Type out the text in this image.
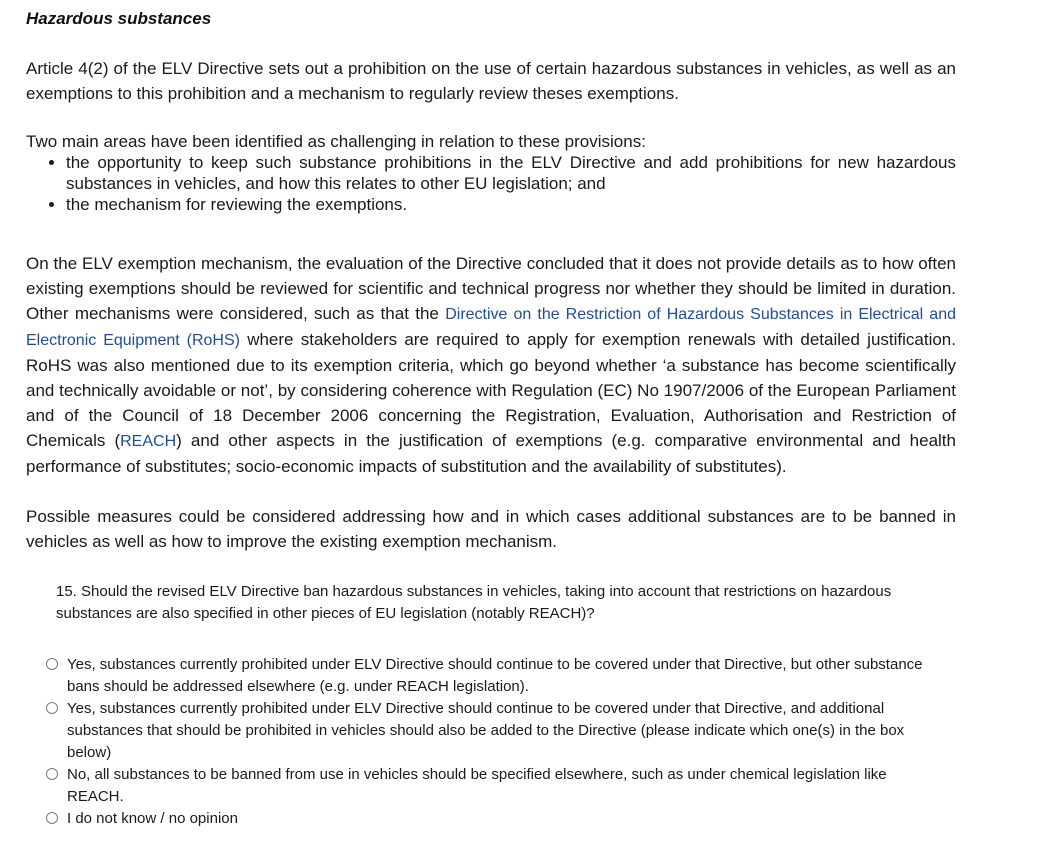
Hazardous substances

Article 4(2) of the ELV Directive sets out a prohibition on the use of certain hazardous substances in vehicles, as well as an exemptions to this prohibition and a mechanism to regularly review theses exemptions.

Two main areas have been identified as challenging in relation to these provisions:

• the opportunity to keep such substance prohibitions in the ELV Directive and add prohibitions for new hazardous substances in vehicles, and how this relates to other EU legislation; and
• the mechanism for reviewing the exemptions.

On the ELV exemption mechanism, the evaluation of the Directive concluded that it does not provide details as to how often existing exemptions should be reviewed for scientific and technical progress nor whether they should be limited in duration. Other mechanisms were considered, such as that the Directive on the Restriction of Hazardous Substances in Electrical and Electronic Equipment (RoHS) where stakeholders are required to apply for exemption renewals with detailed justification. RoHS was also mentioned due to its exemption criteria, which go beyond whether ‘a substance has become scientifically and technically avoidable or not’, by considering coherence with Regulation (EC) No 1907/2006 of the European Parliament and of the Council of 18 December 2006 concerning the Registration, Evaluation, Authorisation and Restriction of Chemicals (REACH) and other aspects in the justification of exemptions (e.g. comparative environmental and health performance of substitutes; socio-economic impacts of substitution and the availability of substitutes).

Possible measures could be considered addressing how and in which cases additional substances are to be banned in vehicles as well as how to improve the existing exemption mechanism.

15. Should the revised ELV Directive ban hazardous substances in vehicles, taking into account that restrictions on hazardous substances are also specified in other pieces of EU legislation (notably REACH)?
Yes, substances currently prohibited under ELV Directive should continue to be covered under that Directive, but other substance bans should be addressed elsewhere (e.g. under REACH legislation).
Yes, substances currently prohibited under ELV Directive should continue to be covered under that Directive, and additional substances that should be prohibited in vehicles should also be added to the Directive (please indicate which one(s) in the box below)
No, all substances to be banned from use in vehicles should be specified elsewhere, such as under chemical legislation like REACH.
I do not know / no opinion
